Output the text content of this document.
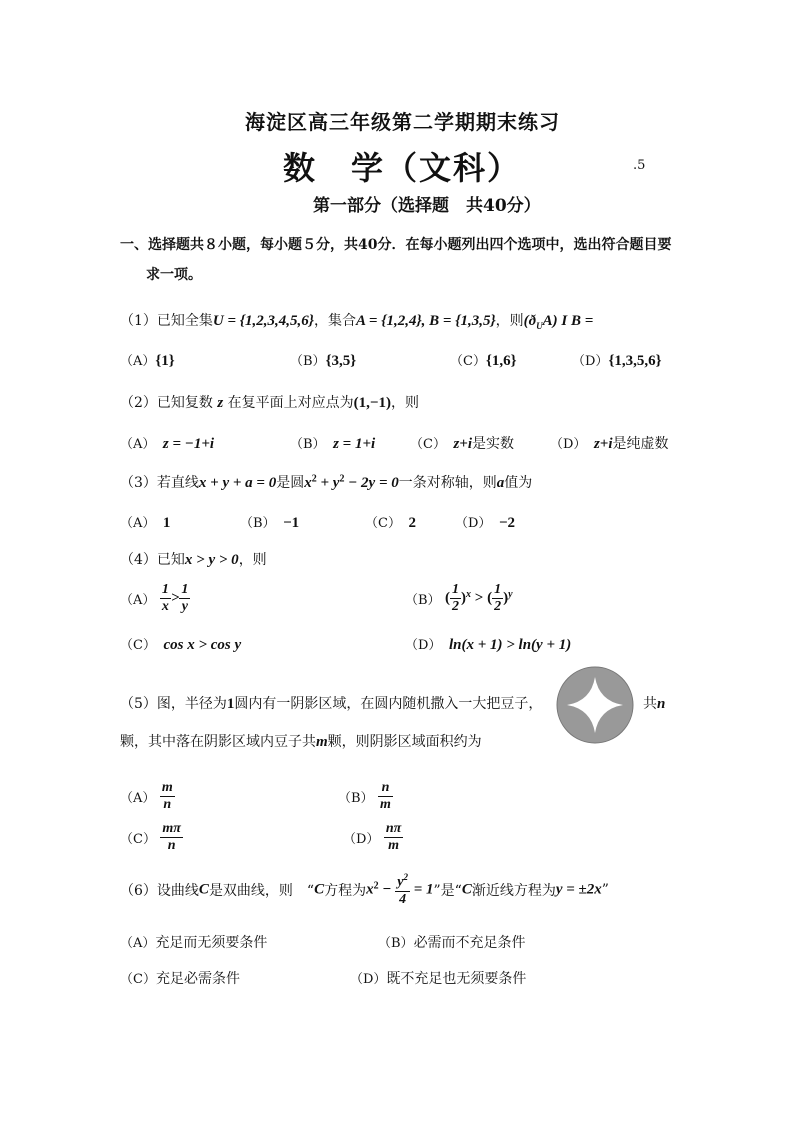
海淀区高三年级第二学期期末练习
数　学（文科）	.5
第一部分（选择题　共40分）
一、选择题共８小题，每小题５分，共40分．在每小题列出四个选项中，选出符合题目要
求一项。
（1）已知全集U = {1,2,3,4,5,6}，集合A = {1,2,4}, B = {1,3,5}，则$(ð_UA)$ I B =
（A）{1}	（B）{3,5}	（C）{1,6}	（D）{1,3,5,6}
（2）已知复数 z 在复平面上对应点为(1,−1)，则
（A）　 z = −1+i	（B）　 z = 1+i	（C）　 z+i是实数	（D）　 z+i是纯虚数
（3）若直线x + y + a = 0是圆$x^2 + y^2 - 2y = 0$一条对称轴，则a值为
（A）　 1	（B）　 −1	（C）　 2	（D）　 −2
（4）已知x > y > 0，则
$(A) \frac{1}{x} > \frac{1}{y}$	（B） ( $\frac{1}{2} )^x$ > ( $\frac{1}{2} )^y$
（C）　 cos x > cos y	（D）　 ln(x + 1) > ln(y + 1)
（5）图，半径为1圆内有一阴影区域，在圆内随机撒入一大把豆子，	共n
颗，其中落在阴影区域内豆子共m颗，则阴影区域面积约为
$(A) \frac{m}{n}$	$(B) \frac{n}{m}$
$(C) \frac{m\pi}{n}$	$(D) \frac{n\pi}{m}$
（6）设曲线C是双曲线，则　“C方程为$x^2 - \frac{y^2}{4} = 1$”是“C渐近线方程为y = ±2x”
（A）充足而无须要条件	（B）必需而不充足条件
（C）充足必需条件	（D）既不充足也无须要条件
